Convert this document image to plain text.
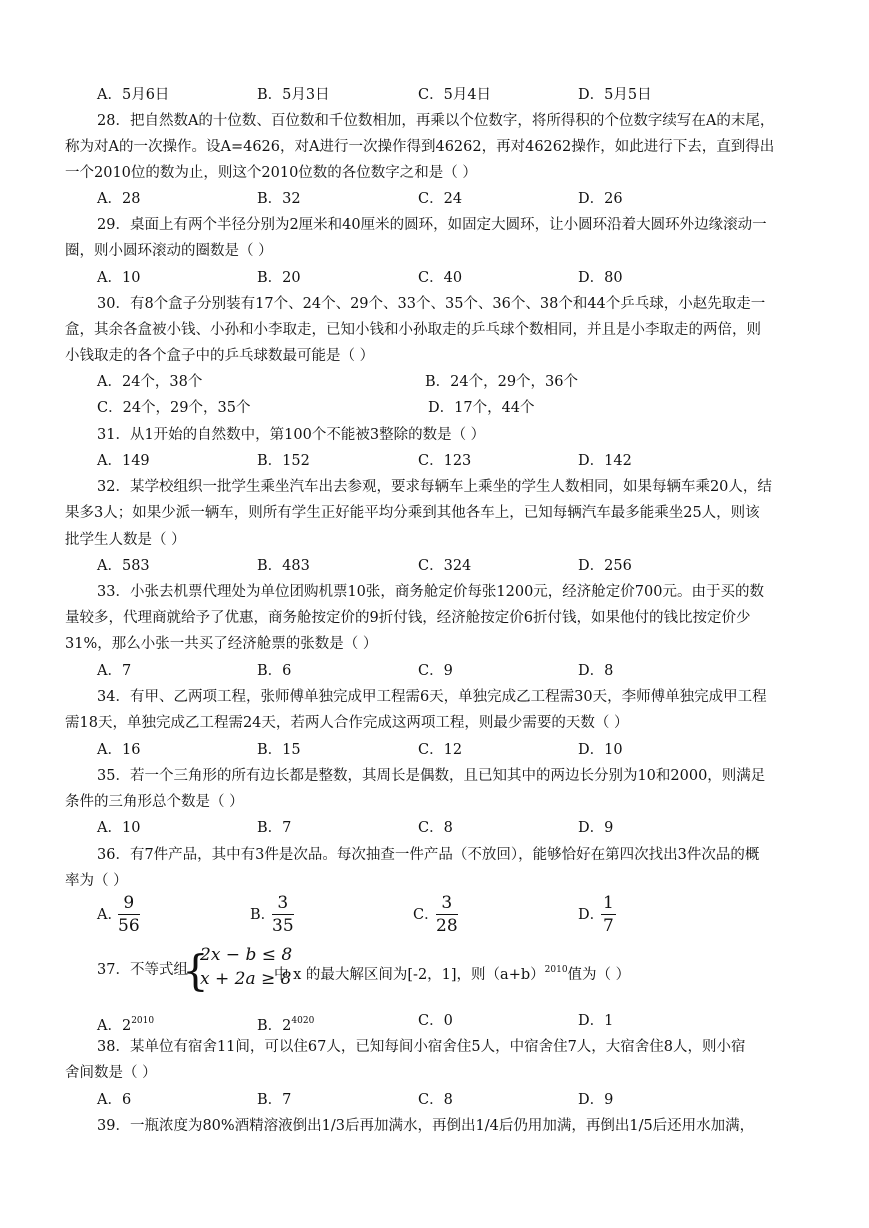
A．5月6日	B．5月3日	C．5月4日	D．5月5日
28．把自然数A的十位数、百位数和千位数相加，再乘以个位数字，将所得积的个位数字续写在A的末尾，
称为对A的一次操作。设A=4626，对A进行一次操作得到46262，再对46262操作，如此进行下去，直到得出
一个2010位的数为止，则这个2010位数的各位数字之和是（ ）
A．28	B．32	C．24	D．26
29．桌面上有两个半径分别为2厘米和40厘米的圆环，如固定大圆环，让小圆环沿着大圆环外边缘滚动一
圈，则小圆环滚动的圈数是（ ）
A．10	B．20	C．40	D．80
30．有8个盒子分别装有17个、24个、29个、33个、35个、36个、38个和44个乒乓球，小赵先取走一
盒，其余各盒被小钱、小孙和小李取走，已知小钱和小孙取走的乒乓球个数相同，并且是小李取走的两倍，则
小钱取走的各个盒子中的乒乓球数最可能是（ ）
A．24个，38个	B．24个，29个，36个
C．24个，29个，35个	D．17个，44个
31．从1开始的自然数中，第100个不能被3整除的数是（ ）
A．149	B．152	C．123	D．142
32．某学校组织一批学生乘坐汽车出去参观，要求每辆车上乘坐的学生人数相同，如果每辆车乘20人，结
果多3人；如果少派一辆车，则所有学生正好能平均分乘到其他各车上，已知每辆汽车最多能乘坐25人，则该
批学生人数是（ ）
A．583	B．483	C．324	D．256
33．小张去机票代理处为单位团购机票10张，商务舱定价每张1200元，经济舱定价700元。由于买的数
量较多，代理商就给予了优惠，商务舱按定价的9折付钱，经济舱按定价6折付钱，如果他付的钱比按定价少
31%，那么小张一共买了经济舱票的张数是（ ）
A．7	B．6	C．9	D．8
34．有甲、乙两项工程，张师傅单独完成甲工程需6天，单独完成乙工程需30天，李师傅单独完成甲工程
需18天，单独完成乙工程需24天，若两人合作完成这两项工程，则最少需要的天数（ ）
A．16	B．15	C．12	D．10
35．若一个三角形的所有边长都是整数，其周长是偶数，且已知其中的两边长分别为10和2000，则满足
条件的三角形总个数是（ ）
A．10	B．7	C．8	D．9
36．有7件产品，其中有3件是次品。每次抽查一件产品（不放回），能够恰好在第四次找出3件次品的概
率为（ ）
A．
$\frac{9}{56}$	B．
$\frac{3}{35}$	C．
$\frac{3}{28}$	D．
$\frac{1}{7}$
37．不等式组
{
2x − b ≤ 8
x + 2a ≥ 8
中 x 的最大解区间为[-2，1]，则$(a+b)^{2010}$值为（ ）
A．$2^{2010}$	B．$2^{4020}$	C．0	D．1
38．某单位有宿舍11间，可以住67人，已知每间小宿舍住5人，中宿舍住7人，大宿舍住8人，则小宿
舍间数是（ ）
A．6	B．7	C．8	D．9
39．一瓶浓度为80%酒精溶液倒出1/3后再加满水，再倒出1/4后仍用加满，再倒出1/5后还用水加满，
